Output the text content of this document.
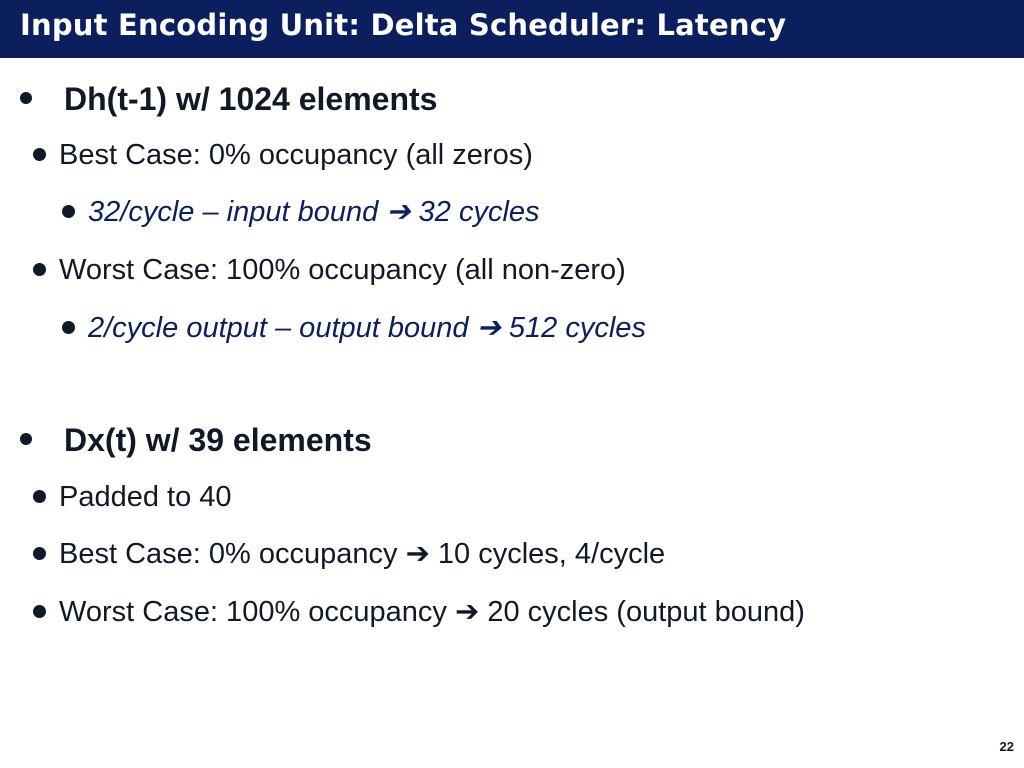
Input Encoding Unit: Delta Scheduler: Latency
Dh(t-1) w/ 1024 elements
Best Case: 0% occupancy (all zeros)
32/cycle – input bound ➔ 32 cycles
Worst Case: 100% occupancy (all non-zero)
2/cycle output – output bound ➔ 512 cycles
Dx(t) w/ 39 elements
Padded to 40
Best Case: 0% occupancy ➔ 10 cycles, 4/cycle
Worst Case: 100% occupancy ➔ 20 cycles (output bound)
22
